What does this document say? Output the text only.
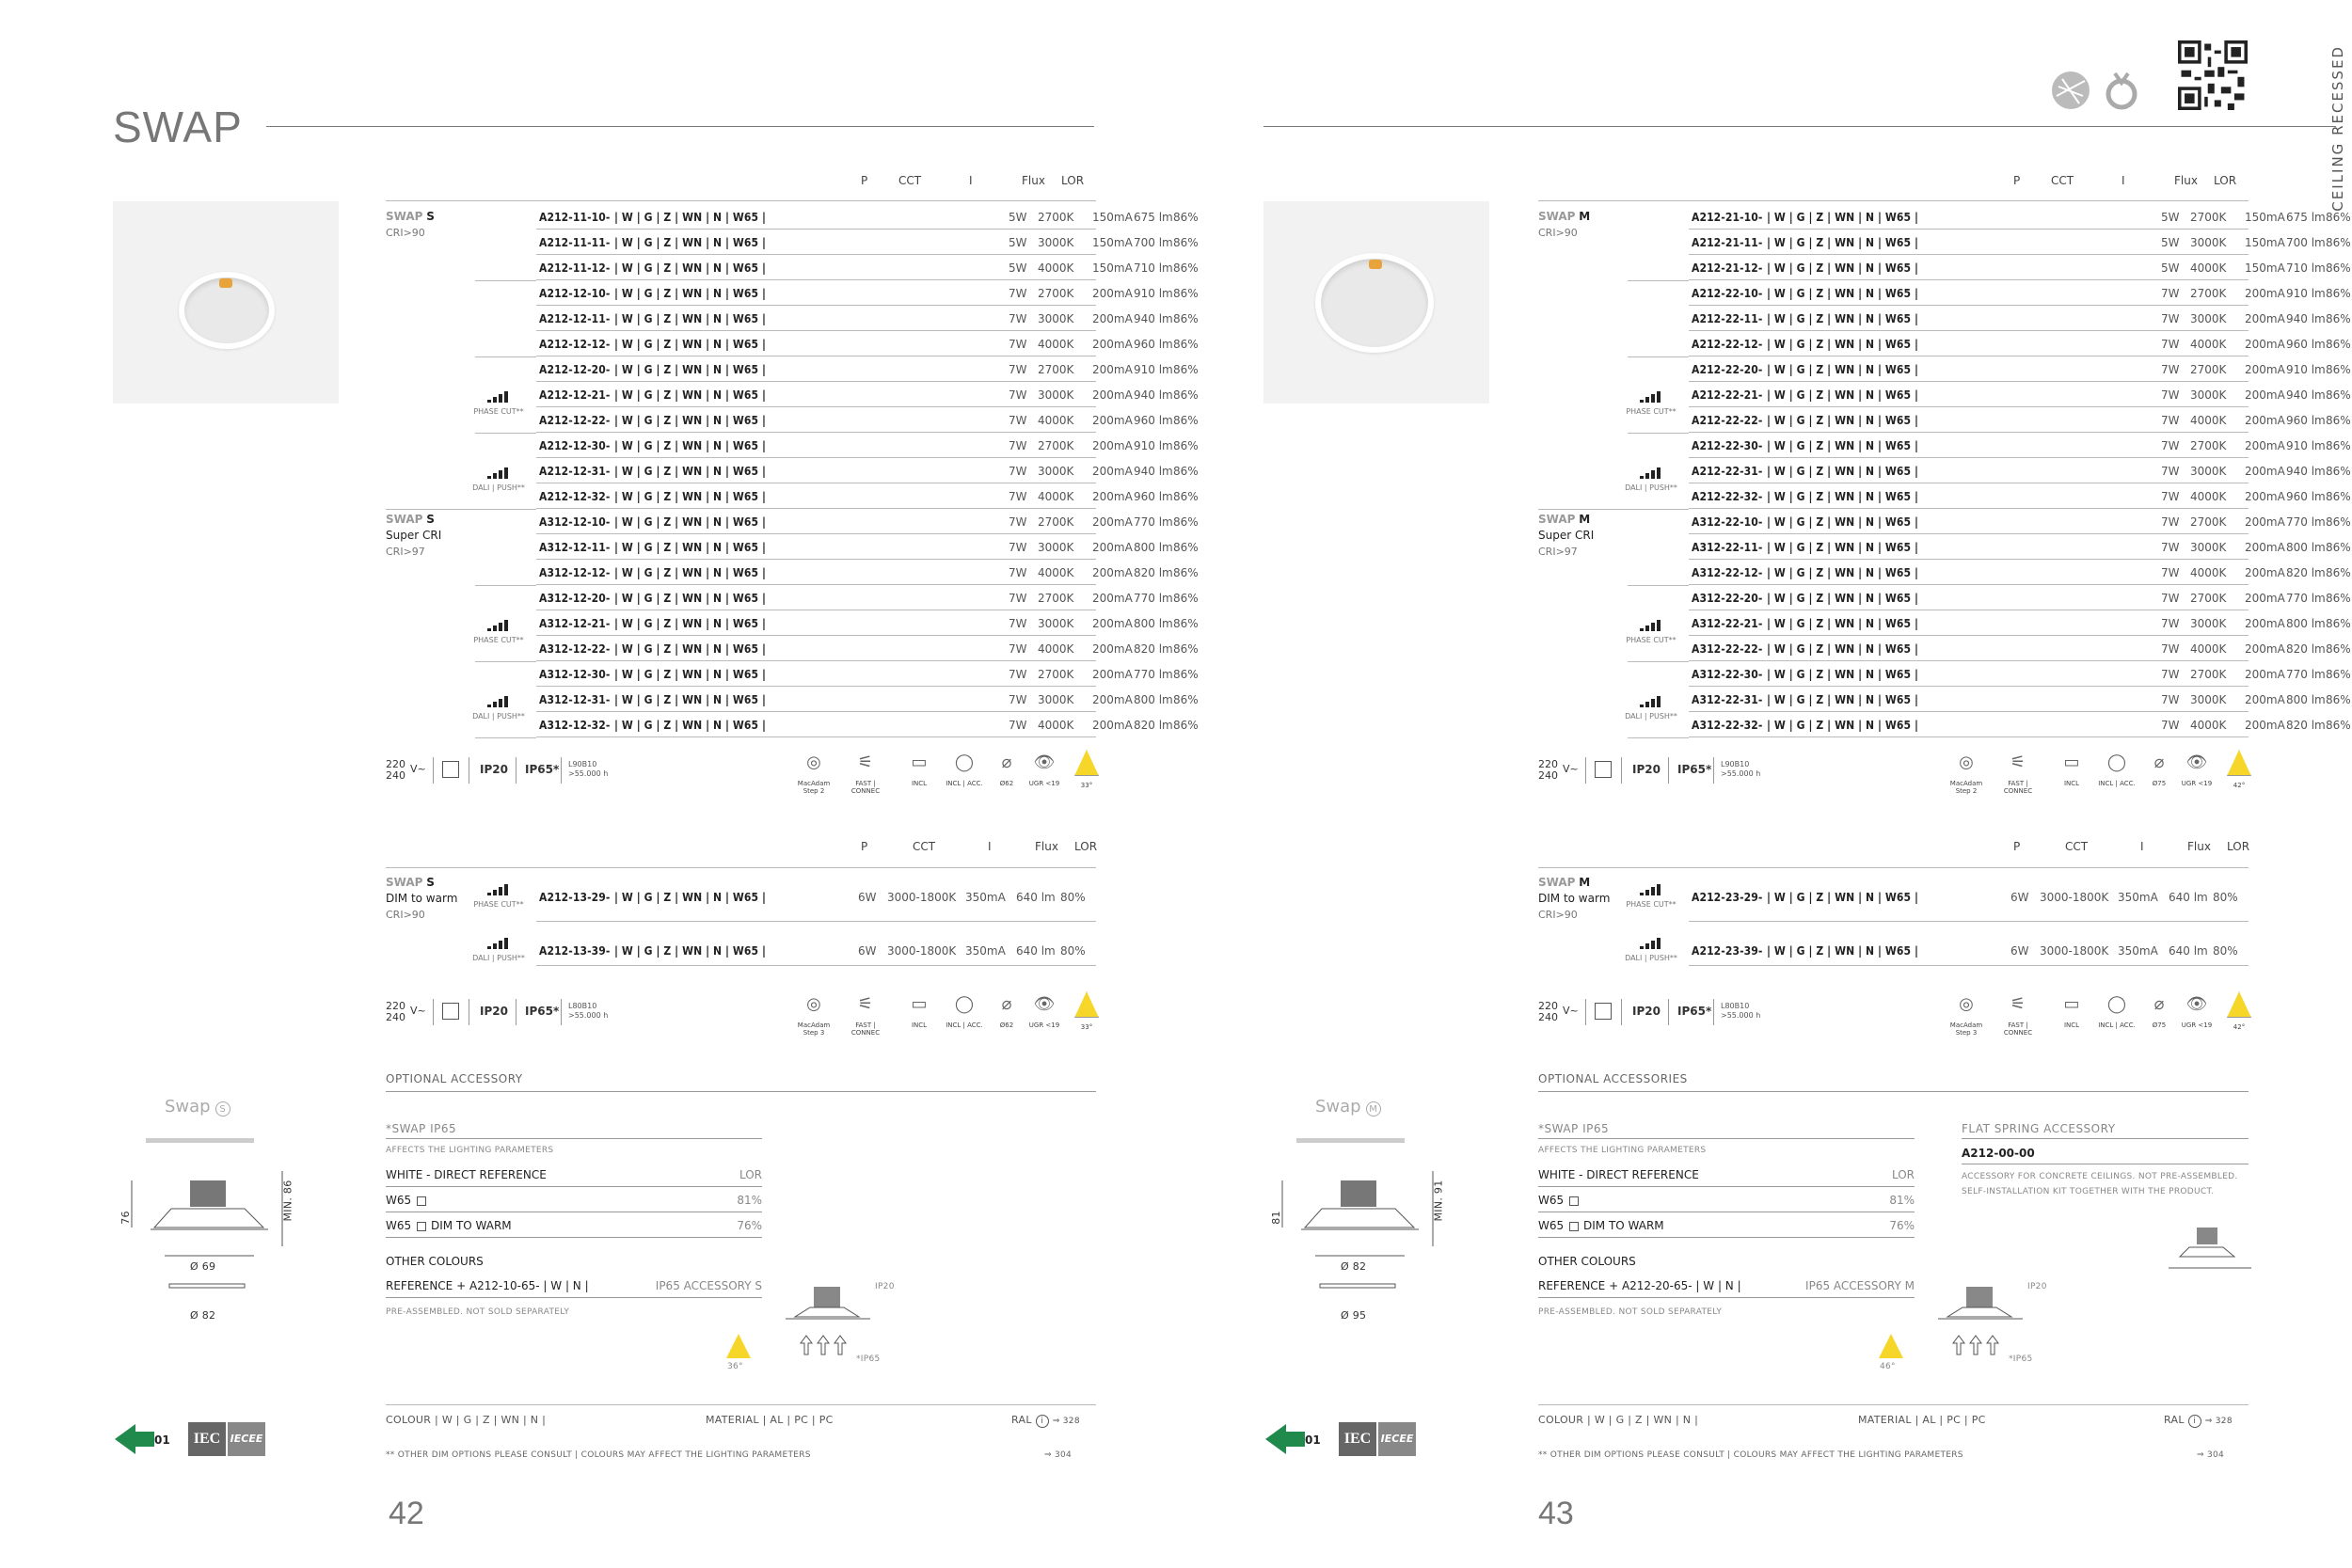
SWAP
42
P	CCT	I	Flux LOR
SWAP S
CRI>90
SWAP S
Super CRI
CRI>97
A212-11-10- | W | G | Z | WN | N | W65 |	5W 2700K 150mA 675 lm 86%
A212-11-11- | W | G | Z | WN | N | W65 |	5W 3000K 150mA 700 lm 86%
A212-11-12- | W | G | Z | WN | N | W65 |	5W 4000K 150mA 710 lm 86%
A212-12-10- | W | G | Z | WN | N | W65 |	7W 2700K 200mA 910 lm 86%
A212-12-11- | W | G | Z | WN | N | W65 |	7W 3000K 200mA 940 lm 86%
A212-12-12- | W | G | Z | WN | N | W65 |	7W 4000K 200mA 960 lm 86%
A212-12-20- | W | G | Z | WN | N | W65 |	7W 2700K 200mA 910 lm 86%
A212-12-21- | W | G | Z | WN | N | W65 |	7W 3000K 200mA 940 lm 86%
A212-12-22- | W | G | Z | WN | N | W65 |	7W 4000K 200mA 960 lm 86%
A212-12-30- | W | G | Z | WN | N | W65 |	7W 2700K 200mA 910 lm 86%
A212-12-31- | W | G | Z | WN | N | W65 |	7W 3000K 200mA 940 lm 86%
A212-12-32- | W | G | Z | WN | N | W65 |	7W 4000K 200mA 960 lm 86%
A312-12-10- | W | G | Z | WN | N | W65 |	7W 2700K 200mA 770 lm 86%
A312-12-11- | W | G | Z | WN | N | W65 |	7W 3000K 200mA 800 lm 86%
A312-12-12- | W | G | Z | WN | N | W65 |	7W 4000K 200mA 820 lm 86%
A312-12-20- | W | G | Z | WN | N | W65 |	7W 2700K 200mA 770 lm 86%
A312-12-21- | W | G | Z | WN | N | W65 |	7W 3000K 200mA 800 lm 86%
A312-12-22- | W | G | Z | WN | N | W65 |	7W 4000K 200mA 820 lm 86%
A312-12-30- | W | G | Z | WN | N | W65 |	7W 2700K 200mA 770 lm 86%
A312-12-31- | W | G | Z | WN | N | W65 |	7W 3000K 200mA 800 lm 86%
A312-12-32- | W | G | Z | WN | N | W65 |	7W 4000K 200mA 820 lm 86%
PHASE CUT**
DALI | PUSH**
PHASE CUT**
DALI | PUSH**
220
240
V~	IP20 IP65* L90B10
>55.000 h
◎
MacAdam Step 2
⚟
FAST | CONNEC
▭
INCL
◯
INCL | ACC.
⌀
Ø62
👁
UGR <19	33°
P	CCT	I	Flux LOR
SWAP S
DIM to warm
CRI>90
A212-13-29- | W | G | Z | WN | N | W65 |	6W 3000-1800K 350mA 640 lm 80%
A212-13-39- | W | G | Z | WN | N | W65 |	6W 3000-1800K 350mA 640 lm 80%
PHASE CUT**
DALI | PUSH**
220
240
V~	IP20 IP65* L80B10
>55.000 h
◎
MacAdam Step 3
⚟
FAST | CONNEC
▭
INCL
◯
INCL | ACC.
⌀
Ø62
👁
UGR <19	33°
OPTIONAL ACCESSORY
*SWAP IP65
AFFECTS THE LIGHTING PARAMETERS
WHITE - DIRECT REFERENCE	LOR
W65	81%
W65 DIM TO WARM	76%
OTHER COLOURS
REFERENCE + A212-10-65- | W | N |	IP65 ACCESSORY S
PRE-ASSEMBLED. NOT SOLD SEPARATELY
36°
IP20
*IP65
Swap S
76	MIN. 86
Ø 69
Ø 82
COLOUR | W | G | Z | WN | N |	MATERIAL | AL | PC | PC	RAL i ⇒ 328
** OTHER DIM OPTIONS PLEASE CONSULT | COLOURS MAY AFFECT THE LIGHTING PARAMETERS	⇒ 304
01	IEC IECEE
CEILING RECESSED
43
P	CCT	I	Flux LOR
SWAP M
CRI>90
SWAP M
Super CRI
CRI>97
A212-21-10- | W | G | Z | WN | N | W65 |	5W 2700K 150mA 675 lm 86%
A212-21-11- | W | G | Z | WN | N | W65 |	5W 3000K 150mA 700 lm 86%
A212-21-12- | W | G | Z | WN | N | W65 |	5W 4000K 150mA 710 lm 86%
A212-22-10- | W | G | Z | WN | N | W65 |	7W 2700K 200mA 910 lm 86%
A212-22-11- | W | G | Z | WN | N | W65 |	7W 3000K 200mA 940 lm 86%
A212-22-12- | W | G | Z | WN | N | W65 |	7W 4000K 200mA 960 lm 86%
A212-22-20- | W | G | Z | WN | N | W65 |	7W 2700K 200mA 910 lm 86%
A212-22-21- | W | G | Z | WN | N | W65 |	7W 3000K 200mA 940 lm 86%
A212-22-22- | W | G | Z | WN | N | W65 |	7W 4000K 200mA 960 lm 86%
A212-22-30- | W | G | Z | WN | N | W65 |	7W 2700K 200mA 910 lm 86%
A212-22-31- | W | G | Z | WN | N | W65 |	7W 3000K 200mA 940 lm 86%
A212-22-32- | W | G | Z | WN | N | W65 |	7W 4000K 200mA 960 lm 86%
A312-22-10- | W | G | Z | WN | N | W65 |	7W 2700K 200mA 770 lm 86%
A312-22-11- | W | G | Z | WN | N | W65 |	7W 3000K 200mA 800 lm 86%
A312-22-12- | W | G | Z | WN | N | W65 |	7W 4000K 200mA 820 lm 86%
A312-22-20- | W | G | Z | WN | N | W65 |	7W 2700K 200mA 770 lm 86%
A312-22-21- | W | G | Z | WN | N | W65 |	7W 3000K 200mA 800 lm 86%
A312-22-22- | W | G | Z | WN | N | W65 |	7W 4000K 200mA 820 lm 86%
A312-22-30- | W | G | Z | WN | N | W65 |	7W 2700K 200mA 770 lm 86%
A312-22-31- | W | G | Z | WN | N | W65 |	7W 3000K 200mA 800 lm 86%
A312-22-32- | W | G | Z | WN | N | W65 |	7W 4000K 200mA 820 lm 86%
PHASE CUT**
DALI | PUSH**
PHASE CUT**
DALI | PUSH**
220
240
V~	IP20 IP65* L90B10
>55.000 h
◎
MacAdam Step 2
⚟
FAST | CONNEC
▭
INCL
◯
INCL | ACC.
⌀
Ø75
👁
UGR <19	42°
P	CCT	I	Flux LOR
SWAP M
DIM to warm
CRI>90
A212-23-29- | W | G | Z | WN | N | W65 |	6W 3000-1800K 350mA 640 lm 80%
A212-23-39- | W | G | Z | WN | N | W65 |	6W 3000-1800K 350mA 640 lm 80%
PHASE CUT**
DALI | PUSH**
220
240
V~	IP20 IP65* L80B10
>55.000 h
◎
MacAdam Step 3
⚟
FAST | CONNEC
▭
INCL
◯
INCL | ACC.
⌀
Ø75
👁
UGR <19	42°
OPTIONAL ACCESSORIES
*SWAP IP65
AFFECTS THE LIGHTING PARAMETERS
WHITE - DIRECT REFERENCE	LOR
W65	81%
W65 DIM TO WARM	76%
OTHER COLOURS
REFERENCE + A212-20-65- | W | N |	IP65 ACCESSORY M
PRE-ASSEMBLED. NOT SOLD SEPARATELY
46°
IP20
*IP65
Swap M
81	MIN. 91
Ø 82
Ø 95
FLAT SPRING ACCESSORY
A212-00-00
ACCESSORY FOR CONCRETE CEILINGS. NOT PRE-ASSEMBLED.
SELF-INSTALLATION KIT TOGETHER WITH THE PRODUCT.
COLOUR | W | G | Z | WN | N |	MATERIAL | AL | PC | PC	RAL i ⇒ 328
** OTHER DIM OPTIONS PLEASE CONSULT | COLOURS MAY AFFECT THE LIGHTING PARAMETERS	⇒ 304
01	IEC IECEE
